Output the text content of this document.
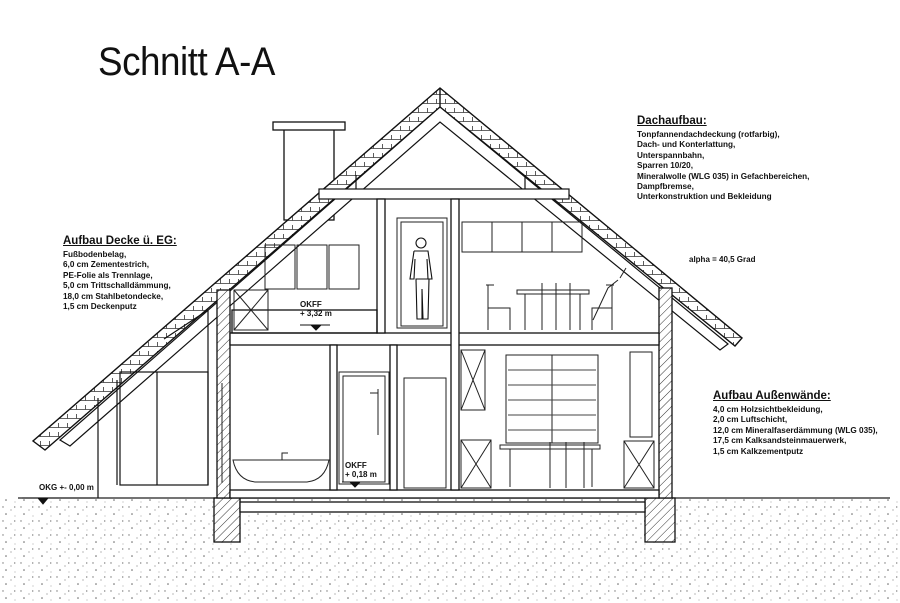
Schnitt A-A
Dachaufbau:
Tonpfannendachdeckung (rotfarbig),
Dach- und Konterlattung,
Unterspannbahn,
Sparren 10/20,
Mineralwolle (WLG 035) in Gefachbereichen,
Dampfbremse,
Unterkonstruktion und Bekleidung
Aufbau Decke ü. EG:
Fußbodenbelag,
6,0 cm Zementestrich,
PE-Folie als Trennlage,
5,0 cm Trittschalldämmung,
18,0 cm Stahlbetondecke,
1,5 cm Deckenputz
Aufbau Außenwände:
4,0 cm Holzsichtbekleidung,
2,0 cm Luftschicht,
12,0 cm Mineralfaserdämmung (WLG 035),
17,5 cm Kalksandsteinmauerwerk,
1,5 cm Kalkzementputz
alpha = 40,5 Grad
OKFF
+ 3,32 m
OKFF
+ 0,18 m
OKG +- 0,00 m
